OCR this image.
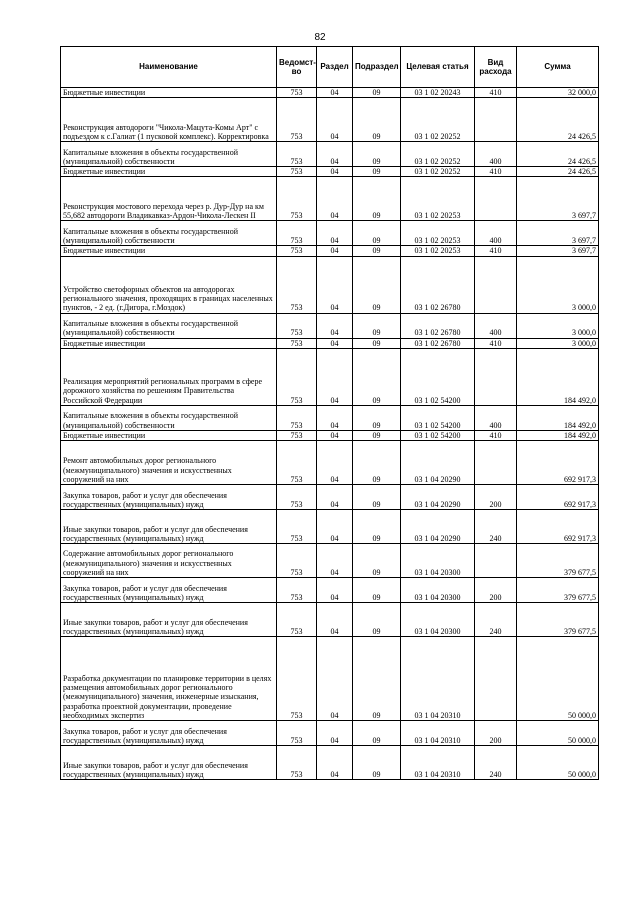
82
Наименование	Ведомст-во	Раздел	Подраздел	Целевая статья	Вид расхода	Сумма
Бюджетные инвестиции	753	04	09	03 1 02 20243	410	32 000,0
Реконструкция автодороги "Чикола-Мацута-Комы Арт" с подъездом к с.Галиат (1 пусковой комплекс). Корректировка	753	04	09	03 1 02 20252		24 426,5
Капитальные вложения в объекты государственной (муниципальной) собственности	753	04	09	03 1 02 20252	400	24 426,5
Бюджетные инвестиции	753	04	09	03 1 02 20252	410	24 426,5
Реконструкция мостового перехода через р. Дур-Дур на км 55,682 автодороги Владикавказ-Ардон-Чикола-Лескен II	753	04	09	03 1 02 20253		3 697,7
Капитальные вложения в объекты государственной (муниципальной) собственности	753	04	09	03 1 02 20253	400	3 697,7
Бюджетные инвестиции	753	04	09	03 1 02 20253	410	3 697,7
Устройство светофорных объектов на автодорогах регионального значения, проходящих в границах населенных пунктов, - 2 ед. (г.Дигора, г.Моздок)	753	04	09	03 1 02 26780		3 000,0
Капитальные вложения в объекты государственной (муниципальной) собственности	753	04	09	03 1 02 26780	400	3 000,0
Бюджетные инвестиции	753	04	09	03 1 02 26780	410	3 000,0
Реализация мероприятий региональных программ в сфере дорожного хозяйства по решениям Правительства Российской Федерации	753	04	09	03 1 02 54200		184 492,0
Капитальные вложения в объекты государственной (муниципальной) собственности	753	04	09	03 1 02 54200	400	184 492,0
Бюджетные инвестиции	753	04	09	03 1 02 54200	410	184 492,0
Ремонт автомобильных дорог регионального (межмуниципального) значения и искусственных сооружений на них	753	04	09	03 1 04 20290		692 917,3
Закупка товаров, работ и услуг для обеспечения государственных (муниципальных) нужд	753	04	09	03 1 04 20290	200	692 917,3
Иные закупки товаров, работ и услуг для обеспечения государственных (муниципальных) нужд	753	04	09	03 1 04 20290	240	692 917,3
Содержание автомобильных дорог регионального (межмуниципального) значения и искусственных сооружений на них	753	04	09	03 1 04 20300		379 677,5
Закупка товаров, работ и услуг для обеспечения государственных (муниципальных) нужд	753	04	09	03 1 04 20300	200	379 677,5
Иные закупки товаров, работ и услуг для обеспечения государственных (муниципальных) нужд	753	04	09	03 1 04 20300	240	379 677,5
Разработка документации по планировке территории в целях размещения автомобильных дорог регионального (межмуниципального) значения, инженерные изыскания, разработка проектной документации, проведение необходимых экспертиз	753	04	09	03 1 04 20310		50 000,0
Закупка товаров, работ и услуг для обеспечения государственных (муниципальных) нужд	753	04	09	03 1 04 20310	200	50 000,0
Иные закупки товаров, работ и услуг для обеспечения государственных (муниципальных) нужд	753	04	09	03 1 04 20310	240	50 000,0
